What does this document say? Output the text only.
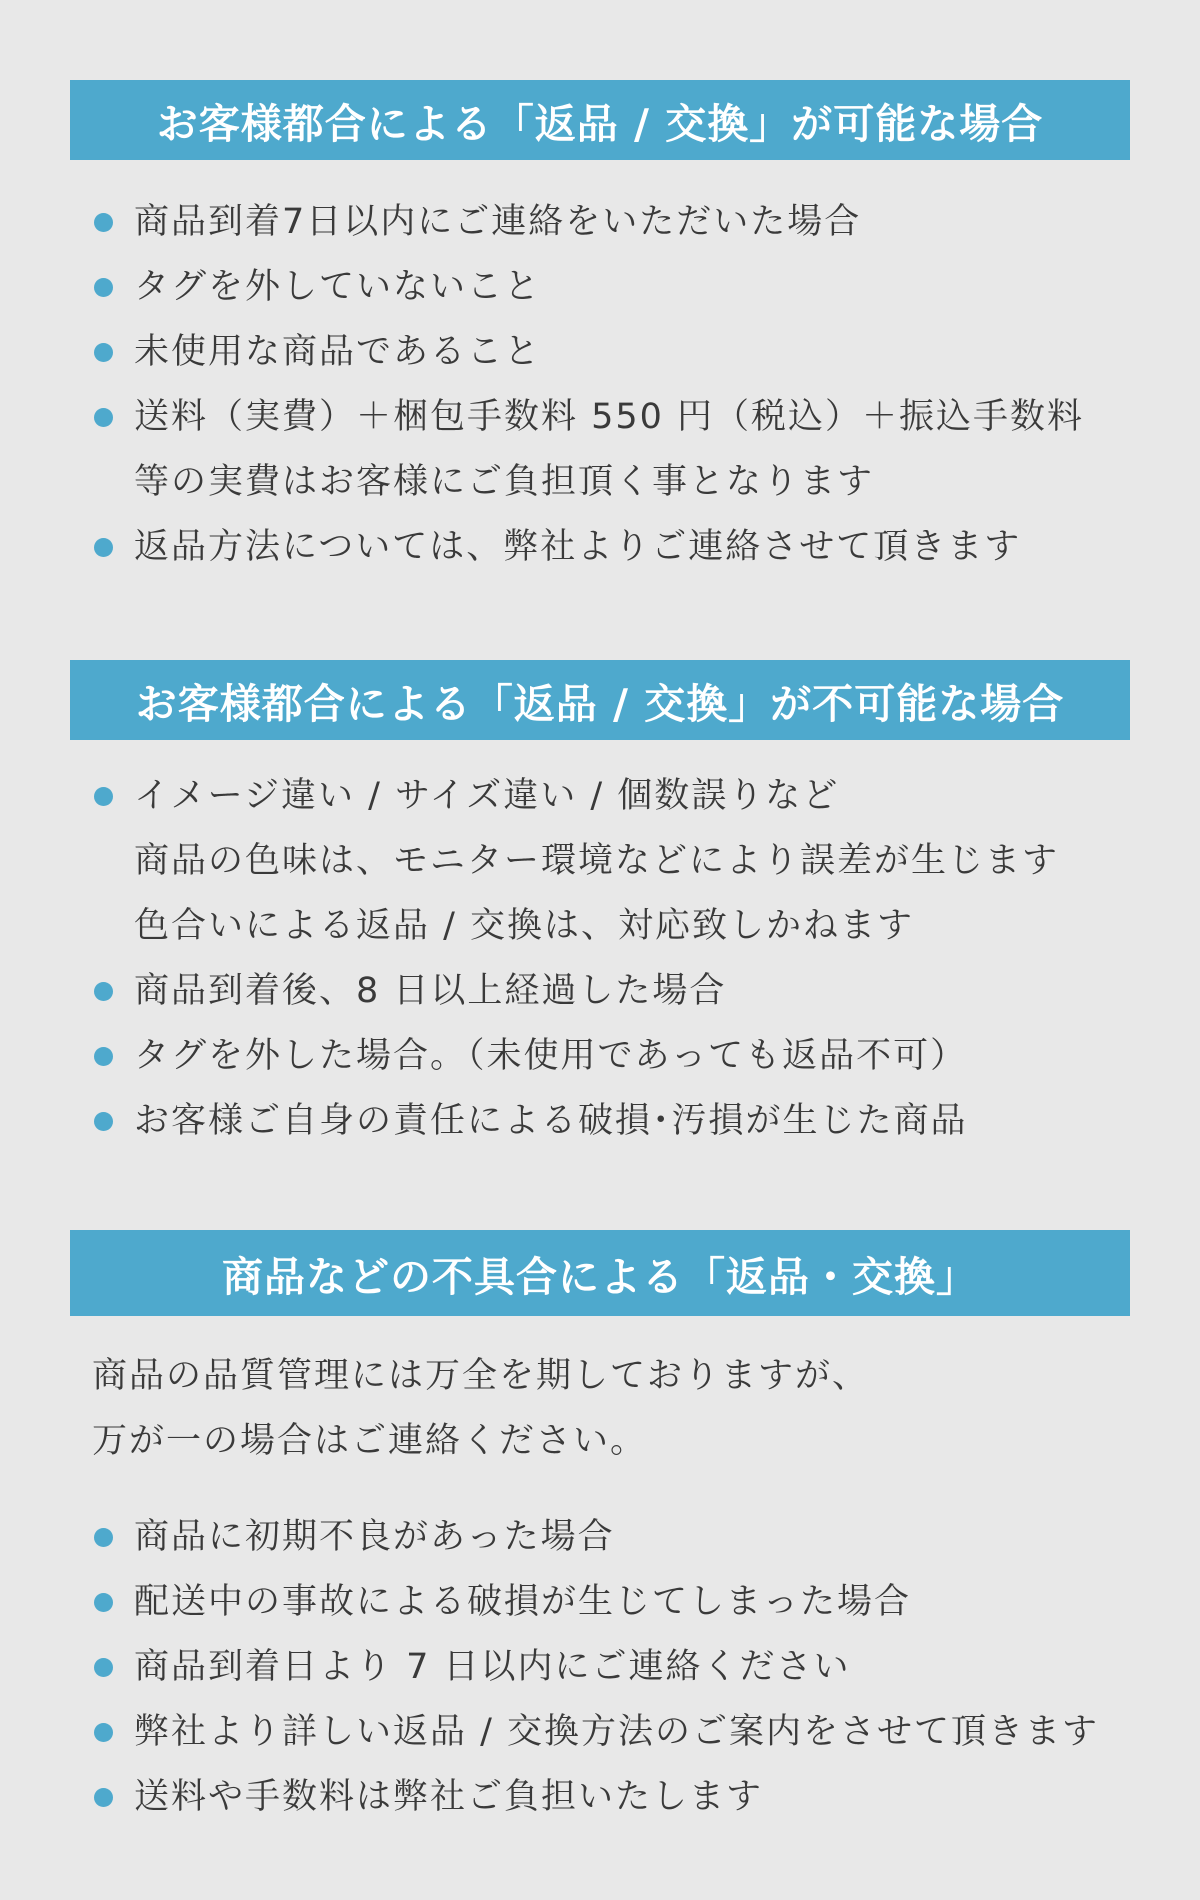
お客様都合による「返品 / 交換」が可能な場合
商品到着7日以内にご連絡をいただいた場合
タグを外していないこと
未使用な商品であること
送料（実費）＋梱包手数料 550 円（税込）＋振込手数料
等の実費はお客様にご負担頂く事となります
返品方法については、弊社よりご連絡させて頂きます
お客様都合による「返品 / 交換」が不可能な場合
イメージ違い / サイズ違い / 個数誤りなど
商品の色味は、モニター環境などにより誤差が生じます
色合いによる返品 / 交換は、対応致しかねます
商品到着後、8 日以上経過した場合
タグを外した場合。（未使用であっても返品不可）
お客様ご自身の責任による破損･汚損が生じた商品
商品などの不具合による「返品・交換」
商品の品質管理には万全を期しておりますが、
万が一の場合はご連絡ください。
商品に初期不良があった場合
配送中の事故による破損が生じてしまった場合
商品到着日より 7 日以内にご連絡ください
弊社より詳しい返品 / 交換方法のご案内をさせて頂きます
送料や手数料は弊社ご負担いたします
